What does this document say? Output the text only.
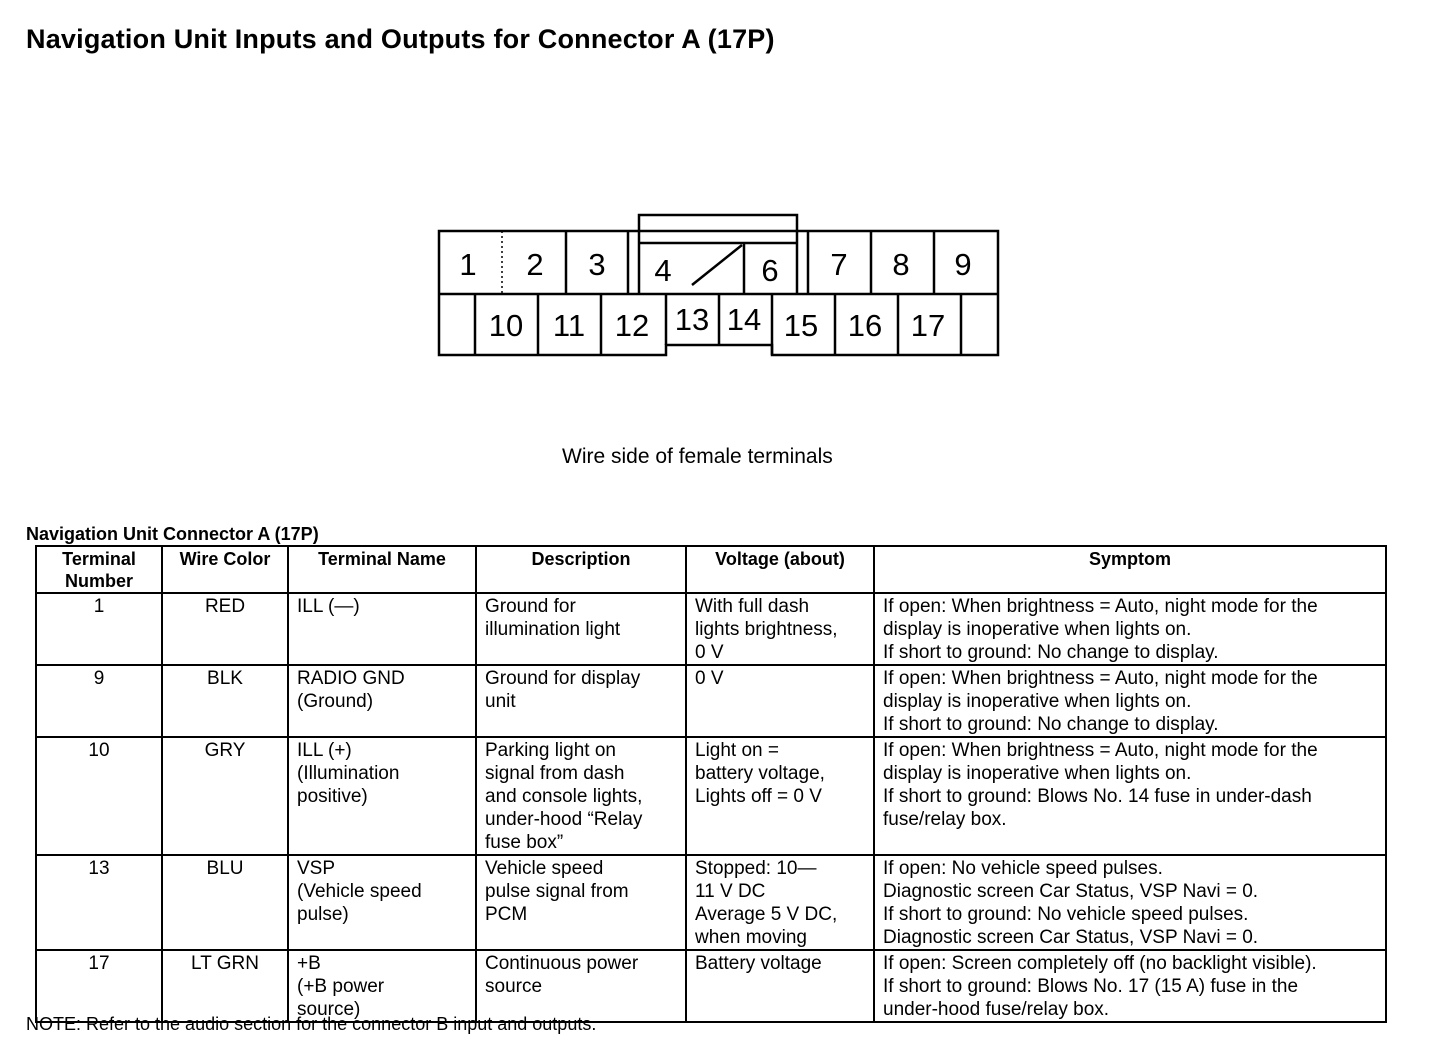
Navigation Unit Inputs and Outputs for Connector A (17P)
1	2	3	4	6	7	8	9
10 11 12 13 14 15 16 17
Wire side of female terminals
Navigation Unit Connector A (17P)
Terminal
Number	Wire Color	Terminal Name	Description	Voltage (about)	Symptom
1	RED	ILL (—)	Ground for
illumination light	With full dash
lights brightness,
0 V	If open: When brightness = Auto, night mode for the
display is inoperative when lights on.
If short to ground: No change to display.

9	BLK	RADIO GND
(Ground)	Ground for display
unit	0 V	If open: When brightness = Auto, night mode for the
display is inoperative when lights on.
If short to ground: No change to display.

10	GRY	ILL (+)
(Illumination
positive)	Parking light on
signal from dash
and console lights,
under-hood “Relay
fuse box”	Light on =
battery voltage,
Lights off = 0 V	If open: When brightness = Auto, night mode for the
display is inoperative when lights on.
If short to ground: Blows No. 14 fuse in under-dash
fuse/relay box.

13	BLU	VSP
(Vehicle speed
pulse)	Vehicle speed
pulse signal from
PCM	Stopped: 10—
11 V DC
Average 5 V DC,
when moving	If open: No vehicle speed pulses.
Diagnostic screen Car Status, VSP Navi = 0.
If short to ground: No vehicle speed pulses.
Diagnostic screen Car Status, VSP Navi = 0.

17	LT GRN	+B
(+B power
source)	Continuous power
source	Battery voltage	If open: Screen completely off (no backlight visible).
If short to ground: Blows No. 17 (15 A) fuse in the
under-hood fuse/relay box.
NOTE: Refer to the audio section for the connector B input and outputs.
